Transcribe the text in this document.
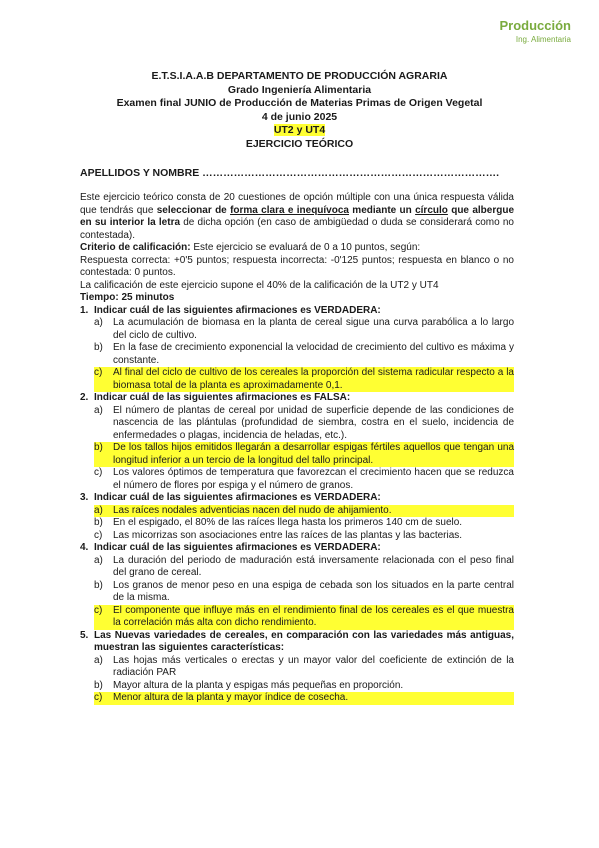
Producción
Ing. Alimentaria
E.T.S.I.A.A.B DEPARTAMENTO DE PRODUCCIÓN AGRARIA
Grado Ingeniería Alimentaria
Examen final JUNIO de Producción de Materias Primas de Origen Vegetal
4 de junio 2025
UT2 y UT4
EJERCICIO TEÓRICO
APELLIDOS Y NOMBRE ………………………………………………………………………….
Este ejercicio teórico consta de 20 cuestiones de opción múltiple con una única respuesta válida que tendrás que seleccionar de forma clara e inequívoca mediante un círculo que albergue en su interior la letra de dicha opción (en caso de ambigüedad o duda se considerará como no contestada).
Criterio de calificación: Este ejercicio se evaluará de 0 a 10 puntos, según:
Respuesta correcta: +0'5 puntos; respuesta incorrecta: -0'125 puntos; respuesta en blanco o no contestada: 0 puntos.
La calificación de este ejercicio supone el 40% de la calificación de la UT2 y UT4
Tiempo: 25 minutos
1. Indicar cuál de las siguientes afirmaciones es VERDADERA:
a)	La acumulación de biomasa en la planta de cereal sigue una curva parabólica a lo largo del ciclo de cultivo.
b)	En la fase de crecimiento exponencial la velocidad de crecimiento del cultivo es máxima y constante.
c)	Al final del ciclo de cultivo de los cereales la proporción del sistema radicular respecto a la biomasa total de la planta es aproximadamente 0,1.
2. Indicar cuál de las siguientes afirmaciones es FALSA:
a)	El número de plantas de cereal por unidad de superficie depende de las condiciones de nascencia de las plántulas (profundidad de siembra, costra en el suelo, incidencia de enfermedades o plagas, incidencia de heladas, etc.).
b)	De los tallos hijos emitidos llegarán a desarrollar espigas fértiles aquellos que tengan una longitud inferior a un tercio de la longitud del tallo principal.
c)	Los valores óptimos de temperatura que favorezcan el crecimiento hacen que se reduzca el número de flores por espiga y el número de granos.
3. Indicar cuál de las siguientes afirmaciones es VERDADERA:
a)	Las raíces nodales adventicias nacen del nudo de ahijamiento.
b)	En el espigado, el 80% de las raíces llega hasta los primeros 140 cm de suelo.
c)	Las micorrizas son asociaciones entre las raíces de las plantas y las bacterias.
4. Indicar cuál de las siguientes afirmaciones es VERDADERA:
a)	La duración del periodo de maduración está inversamente relacionada con el peso final del grano de cereal.
b)	Los granos de menor peso en una espiga de cebada son los situados en la parte central de la misma.
c)	El componente que influye más en el rendimiento final de los cereales es el que muestra la correlación más alta con dicho rendimiento.
5. Las Nuevas variedades de cereales, en comparación con las variedades más antiguas, muestran las siguientes características:
a)	Las hojas más verticales o erectas y un mayor valor del coeficiente de extinción de la radiación PAR
b)	Mayor altura de la planta y espigas más pequeñas en proporción.
c)	Menor altura de la planta y mayor índice de cosecha.
